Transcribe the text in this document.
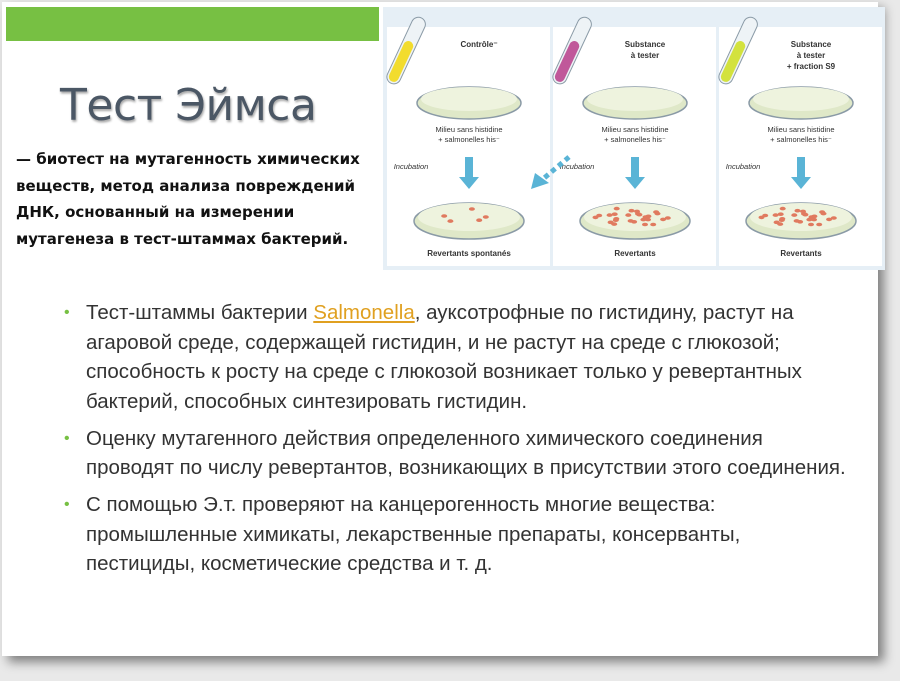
Тест Эймса
— биотест на мутагенность химических веществ, метод анализа повреждений ДНК, основанный на измерении мутагенеза в тест-штаммах бактерий.
Contrôle⁻
Milieu sans histidine
+ salmonelles his⁻
Incubation
Revertants spontanés
Substance
à tester
Milieu sans histidine
+ salmonelles his⁻
Incubation
Revertants
Substance
à tester
+ fraction S9
Milieu sans histidine
+ salmonelles his⁻
Incubation
Revertants
• Тест-штаммы бактерии Salmonella, ауксотрофные по гистидину, растут на агаровой среде, содержащей гистидин, и не растут на среде с глюкозой; способность к росту на среде с глюкозой возникает только у ревертантных бактерий, способных синтезировать гистидин.
• Оценку мутагенного действия определенного химического соединения проводят по числу ревертантов, возникающих в присутствии этого соединения.
• С помощью Э.т. проверяют на канцерогенность многие вещества: промышленные химикаты, лекарственные препараты, консерванты, пестициды, косметические средства и т. д.
